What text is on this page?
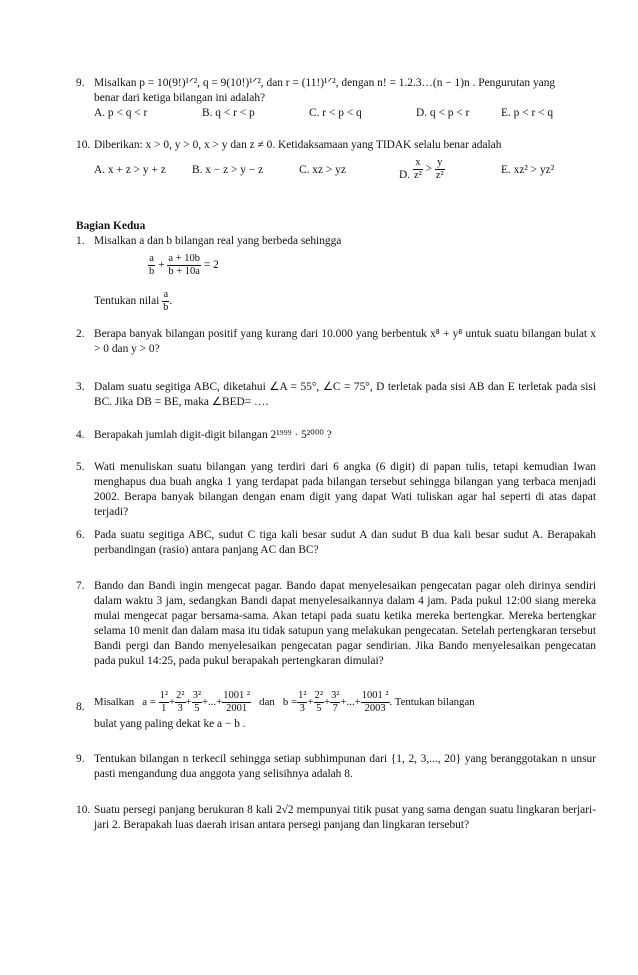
9. Misalkan p = 10(9!)¹ᐟ², q = 9(10!)¹ᐟ², dan r = (11!)¹ᐟ², dengan n! = 1.2.3…(n − 1)n . Pengurutan yang

benar dari ketiga bilangan ini adalah?

A. p < q < r	B. q < r < p	C. r < p < q	D. q < p < r	E. p < r < q
10. Diberikan: x > 0, y > 0, x > y dan z ≠ 0. Ketidaksamaan yang TIDAK selalu benar adalah

A. x + z > y + z B. x − z > y − z	C. xz > yz	D. $\frac{x}{\text{z²}} > \frac{y}{\text{z²}}$	E. xz² > yz²
Bagian Kedua
1. Misalkan a dan b bilangan real yang berbeda sehingga

$\frac{a}{b} + \frac{a + 10b}{b + 10a} = 2$
Tentukan nilai $\frac{a}{b}$ .
2. Berapa banyak bilangan positif yang kurang dari 10.000 yang berbentuk x⁸ + y⁸ untuk suatu bilangan bulat x > 0 dan y > 0?

3. Dalam suatu segitiga ABC, diketahui ∠A = 55°, ∠C = 75°, D terletak pada sisi AB dan E terletak pada sisi BC. Jika DB = BE, maka ∠BED= ….

4. Berapakah jumlah digit-digit bilangan 2¹⁹⁹⁹ · 5²⁰⁰⁰ ?

5. Wati menuliskan suatu bilangan yang terdiri dari 6 angka (6 digit) di papan tulis, tetapi kemudian Iwan menghapus dua buah angka 1 yang terdapat pada bilangan tersebut sehingga bilangan yang terbaca menjadi 2002. Berapa banyak bilangan dengan enam digit yang dapat Wati tuliskan agar hal seperti di atas dapat terjadi?

6. Pada suatu segitiga ABC, sudut C tiga kali besar sudut A dan sudut B dua kali besar sudut A. Berapakah perbandingan (rasio) antara panjang AC dan BC?

7. Bando dan Bandi ingin mengecat pagar. Bando dapat menyelesaikan pengecatan pagar oleh dirinya sendiri dalam waktu 3 jam, sedangkan Bandi dapat menyelesaikannya dalam 4 jam. Pada pukul 12:00 siang mereka mulai mengecat pagar bersama-sama. Akan tetapi pada suatu ketika mereka bertengkar. Mereka bertengkar selama 10 menit dan dalam masa itu tidak satupun yang melakukan pengecatan. Setelah pertengkaran tersebut Bandi pergi dan Bando menyelesaikan pengecatan pagar sendirian. Jika Bando menyelesaikan pengecatan pada pukul 14:25, pada pukul berapakah pertengkaran dimulai?

8. Misalkan $a = \frac{\text{1²}}{1} + \frac{\text{2²}}{3} + \frac{\text{3²}}{5}$ +...+ $\frac{\text{1001 ²}}{2001}$ dan $b = \frac{\text{1²}}{3} + \frac{\text{2²}}{5} + \frac{\text{3²}}{7}$ +...+ $\frac{\text{1001 ²}}{2003}$ . Tentukan bilangan

bulat yang paling dekat ke a − b .

9. Tentukan bilangan n terkecil sehingga setiap subhimpunan dari {1, 2, 3,..., 20} yang beranggotakan n unsur pasti mengandung dua anggota yang selisihnya adalah 8.

10. Suatu persegi panjang berukuran 8 kali 2√2 mempunyai titik pusat yang sama dengan suatu lingkaran berjari-jari 2. Berapakah luas daerah irisan antara persegi panjang dan lingkaran tersebut?
